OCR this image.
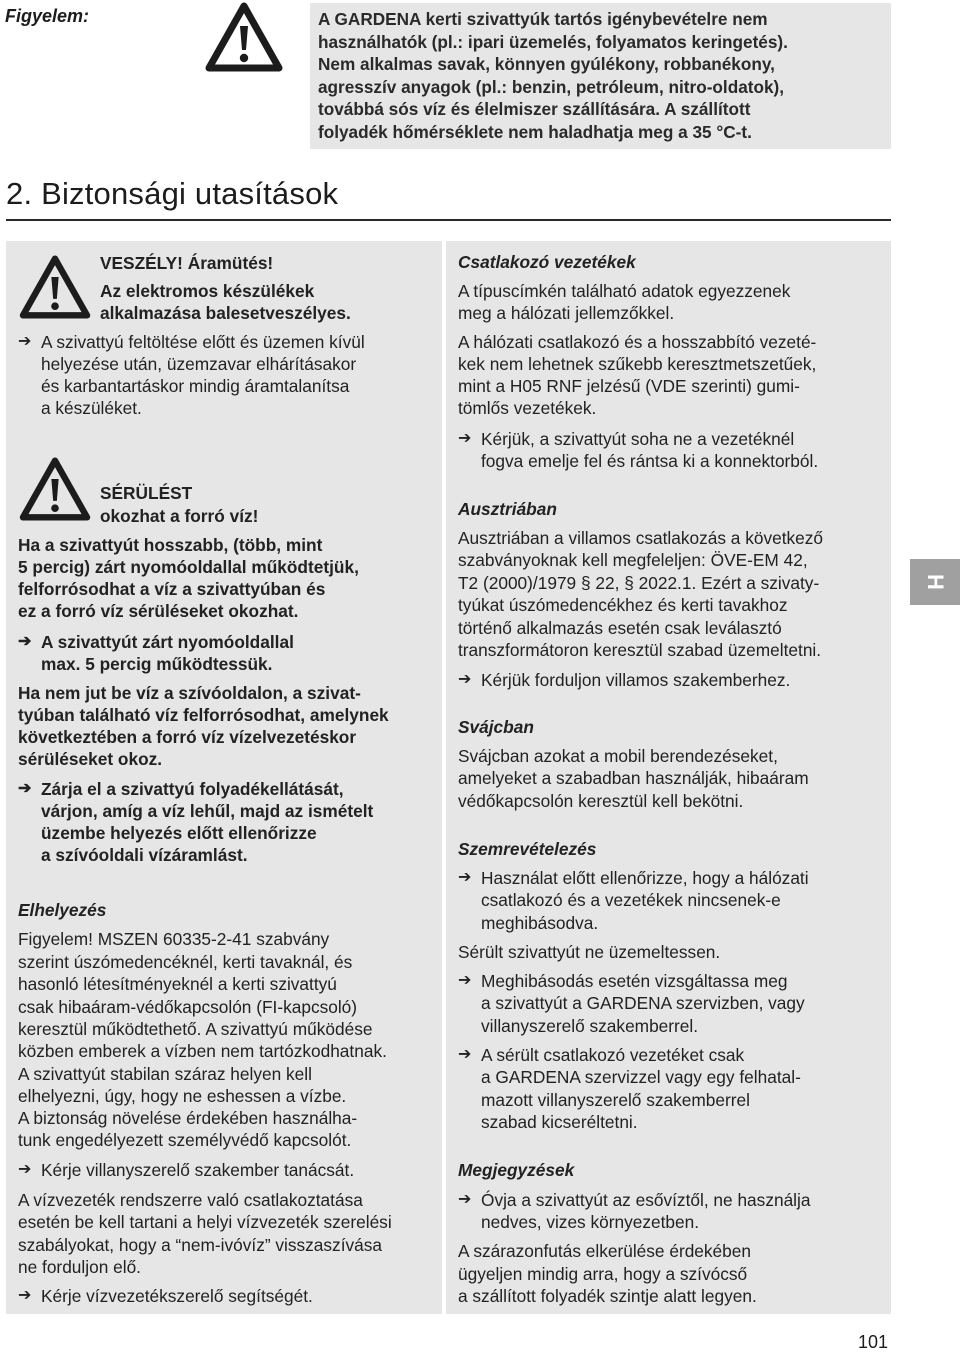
Figyelem:	A GARDENA kerti szivattyúk tartós igénybevételre nem
használhatók (pl.: ipari üzemelés, folyamatos keringetés).
Nem alkalmas savak, könnyen gyúlékony, robbanékony,
agresszív anyagok (pl.: benzin, petróleum, nitro-oldatok),
továbbá sós víz és élelmiszer szállítására. A szállított
folyadék hőmérséklete nem haladhatja meg a 35 °C-t.
2. Biztonsági utasítások
VESZÉLY! Áramütés!
Az elektromos készülékek
alkalmazása balesetveszélyes.
➔ A szivattyú feltöltése előtt és üzemen kívül
helyezése után, üzemzavar elhárításakor
és karbantartáskor mindig áramtalanítsa
a készüléket.
SÉRÜLÉST
okozhat a forró víz!
Ha a szivattyút hosszabb, (több, mint
5 percig) zárt nyomóoldallal működtetjük,
felforrósodhat a víz a szivattyúban és
ez a forró víz sérüléseket okozhat.
➔ A szivattyút zárt nyomóoldallal
max. 5 percig működtessük.
Ha nem jut be víz a szívóoldalon, a szivat-
tyúban található víz felforrósodhat, amelynek
következtében a forró víz vízelvezetéskor
sérüléseket okoz.
➔ Zárja el a szivattyú folyadékellátását,
várjon, amíg a víz lehűl, majd az ismételt
üzembe helyezés előtt ellenőrizze
a szívóoldali vízáramlást.
Elhelyezés
Figyelem! MSZEN 60335-2-41 szabvány
szerint úszómedencéknél, kerti tavaknál, és
hasonló létesítményeknél a kerti szivattyú
csak hibaáram-védőkapcsolón (FI-kapcsoló)
keresztül működtethető. A szivattyú működése
közben emberek a vízben nem tartózkodhatnak.
A szivattyút stabilan száraz helyen kell
elhelyezni, úgy, hogy ne eshessen a vízbe.
A biztonság növelése érdekében használha-
tunk engedélyezett személyvédő kapcsolót.
➔ Kérje villanyszerelő szakember tanácsát.
A vízvezeték rendszerre való csatlakoztatása
esetén be kell tartani a helyi vízvezeték szerelési
szabályokat, hogy a “nem-ivóvíz” visszaszívása
ne forduljon elő.
➔ Kérje vízvezetékszerelő segítségét.
Csatlakozó vezetékek
A típuscímkén található adatok egyezzenek
meg a hálózati jellemzőkkel.
A hálózati csatlakozó és a hosszabbító vezeté-
kek nem lehetnek szűkebb keresztmetszetűek,
mint a H05 RNF jelzésű (VDE szerinti) gumi-
tömlős vezetékek.
➔ Kérjük, a szivattyút soha ne a vezetéknél
fogva emelje fel és rántsa ki a konnektorból.
Ausztriában
Ausztriában a villamos csatlakozás a következő
szabványoknak kell megfeleljen: ÖVE-EM 42,
T2 (2000)/1979 § 22, § 2022.1. Ezért a szivaty-
tyúkat úszómedencékhez és kerti tavakhoz
történő alkalmazás esetén csak leválasztó
transzformátoron keresztül szabad üzemeltetni.
➔ Kérjük forduljon villamos szakemberhez.
Svájcban
Svájcban azokat a mobil berendezéseket,
amelyeket a szabadban használják, hibaáram
védőkapcsolón keresztül kell bekötni.
Szemrevételezés
➔ Használat előtt ellenőrizze, hogy a hálózati
csatlakozó és a vezetékek nincsenek-e
meghibásodva.
Sérült szivattyút ne üzemeltessen.
➔ Meghibásodás esetén vizsgáltassa meg
a szivattyút a GARDENA szervizben, vagy
villanyszerelő szakemberrel.
➔ A sérült csatlakozó vezetéket csak
a GARDENA szervizzel vagy egy felhatal-
mazott villanyszerelő szakemberrel
szabad kicseréltetni.
Megjegyzések
➔ Óvja a szivattyút az esővíztől, ne használja
nedves, vizes környezetben.
A szárazonfutás elkerülése érdekében
ügyeljen mindig arra, hogy a szívócső
a szállított folyadék szintje alatt legyen.
H
101
